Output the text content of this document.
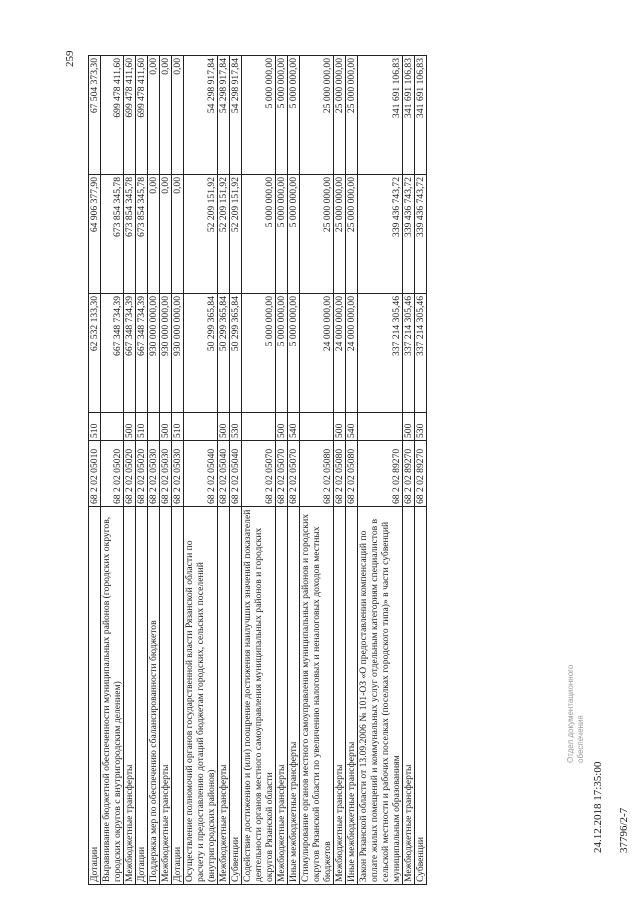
259
Дотации	68 2 02 05010	510	62 532 133,30	64 906 377,90	67 504 373,30	
Выравнивание бюджетной обеспеченности муниципальных районов (городских округов, городских округов с внутригородским делением)	68 2 02 05020		667 348 734,39	673 854 345,78	699 478 411,60	
Межбюджетные трансферты	68 2 02 05020	500	667 348 734,39	673 854 345,78	699 478 411,60	
Дотации	68 2 02 05020	510	667 348 734,39	673 854 345,78	699 478 411,60	
Поддержка мер по обеспечению сбалансированности бюджетов	68 2 02 05030		930 000 000,00	0,00	0,00	
Межбюджетные трансферты	68 2 02 05030	500	930 000 000,00	0,00	0,00	
Дотации	68 2 02 05030	510	930 000 000,00	0,00	0,00	
Осуществление полномочий органов государственной власти Рязанской области по расчету и предоставлению дотаций бюджетам городских, сельских поселений (внутригородских районов)	68 2 02 05040		50 299 365,84	52 209 151,92	54 298 917,84	
Межбюджетные трансферты	68 2 02 05040	500	50 299 365,84	52 209 151,92	54 298 917,84	
Субвенции	68 2 02 05040	530	50 299 365,84	52 209 151,92	54 298 917,84	
Содействие достижению и (или) поощрение достижения наилучших значений показателей деятельности органов местного самоуправления муниципальных районов и городских округов Рязанской области	68 2 02 05070		5 000 000,00	5 000 000,00	5 000 000,00	
Межбюджетные трансферты	68 2 02 05070	500	5 000 000,00	5 000 000,00	5 000 000,00	
Иные межбюджетные трансферты	68 2 02 05070	540	5 000 000,00	5 000 000,00	5 000 000,00	
Стимулирование органов местного самоуправления муниципальных районов и городских округов Рязанской области по увеличению налоговых и неналоговых доходов местных бюджетов	68 2 02 05080		24 000 000,00	25 000 000,00	25 000 000,00	
Межбюджетные трансферты	68 2 02 05080	500	24 000 000,00	25 000 000,00	25 000 000,00	
Иные межбюджетные трансферты	68 2 02 05080	540	24 000 000,00	25 000 000,00	25 000 000,00	
Закон Рязанской области от 13.09.2006 № 101-ОЗ «О предоставлении компенсаций по оплате жилых помещений и коммунальных услуг отдельным категориям специалистов в сельской местности и рабочих поселках (поселках городского типа)» в части субвенций муниципальным образованиям	68 2 02 89270		337 214 305,46	339 436 743,72	341 691 106,83	
Межбюджетные трансферты	68 2 02 89270	500	337 214 305,46	339 436 743,72	341 691 106,83	
Субвенции	68 2 02 89270	530	337 214 305,46	339 436 743,72	341 691 106,83	
Отдел документационного обеспечения
24.12.2018 17:35:00 37796/2-7
